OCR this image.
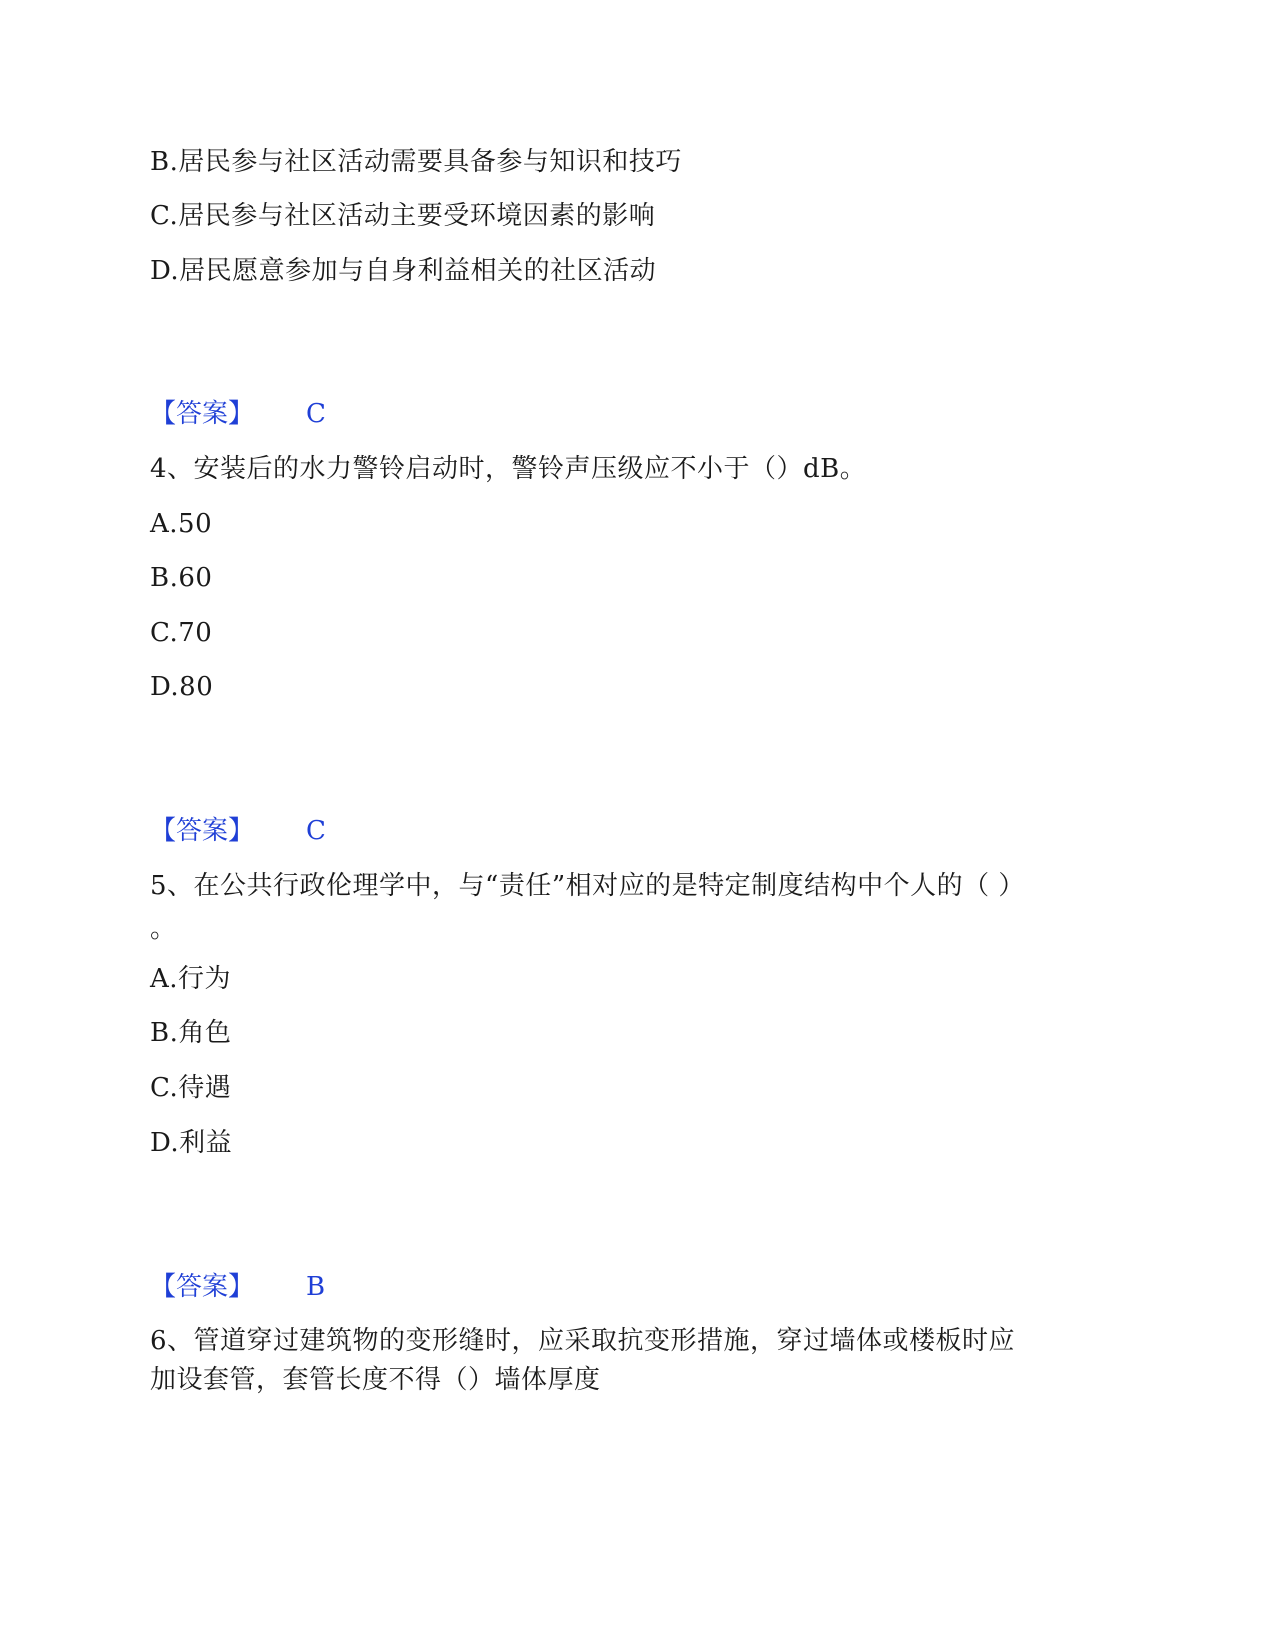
B.居民参与社区活动需要具备参与知识和技巧
C.居民参与社区活动主要受环境因素的影响
D.居民愿意参加与自身利益相关的社区活动
【答案】 C
4、安装后的水力警铃启动时，警铃声压级应不小于（）dB。
A.50
B.60
C.70
D.80
【答案】 C
5、在公共行政伦理学中，与“责任”相对应的是特定制度结构中个人的（ ）
。
A.行为
B.角色
C.待遇
D.利益
【答案】 B
6、管道穿过建筑物的变形缝时，应采取抗变形措施，穿过墙体或楼板时应
加设套管，套管长度不得（）墙体厚度
